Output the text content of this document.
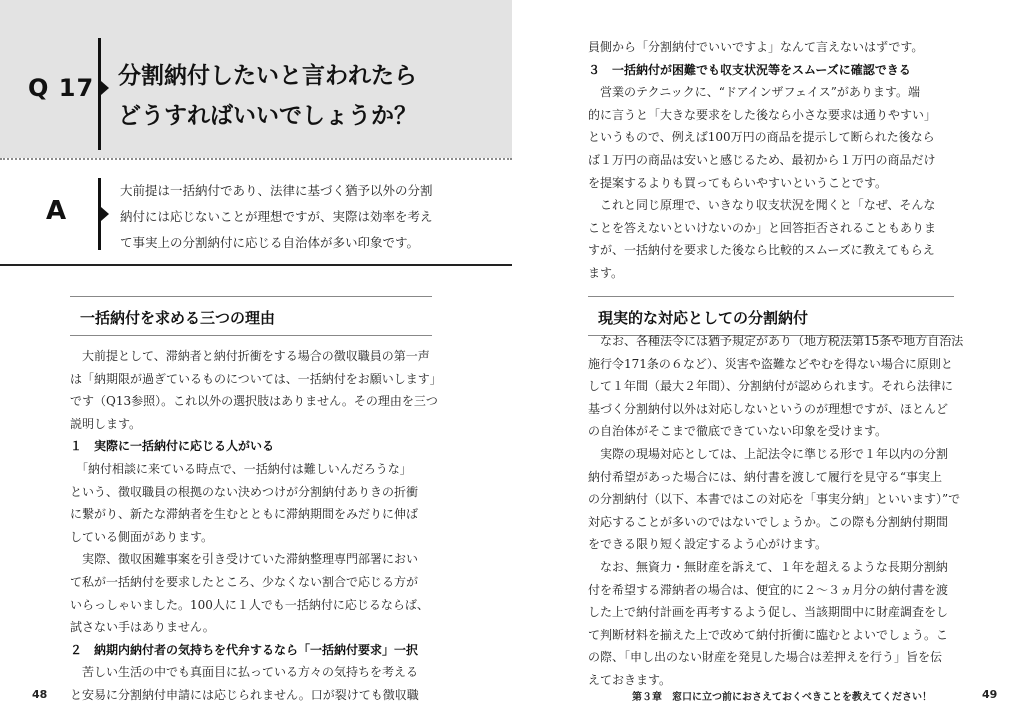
Q 17 分割納付したいと言われたら
どうすればいいでしょうか？
A
大前提は一括納付であり、法律に基づく猶予以外の分割
納付には応じないことが理想ですが、実際は効率を考え
て事実上の分割納付に応じる自治体が多い印象です。
一括納付を求める三つの理由
　大前提として、滞納者と納付折衝をする場合の徴収職員の第一声
は「納期限が過ぎているものについては、一括納付をお願いします」
です（Q13参照）。これ以外の選択肢はありません。その理由を三つ
説明します。
１　実際に一括納付に応じる人がいる
　「納付相談に来ている時点で、一括納付は難しいんだろうな」
という、徴収職員の根拠のない決めつけが分割納付ありきの折衝
に繋がり、新たな滞納者を生むとともに滞納期間をみだりに伸ば
している側面があります。
　実際、徴収困難事案を引き受けていた滞納整理専門部署におい
て私が一括納付を要求したところ、少なくない割合で応じる方が
いらっしゃいました。100人に１人でも一括納付に応じるならば、
試さない手はありません。
２　納期内納付者の気持ちを代弁するなら「一括納付要求」一択
　苦しい生活の中でも真面目に払っている方々の気持ちを考える
と安易に分割納付申請には応じられません。口が裂けても徴収職
48
員側から「分割納付でいいですよ」なんて言えないはずです。
３　一括納付が困難でも収支状況等をスムーズに確認できる
　営業のテクニックに、“ドアインザフェイス”があります。端
的に言うと「大きな要求をした後なら小さな要求は通りやすい」
というもので、例えば100万円の商品を提示して断られた後なら
ば１万円の商品は安いと感じるため、最初から１万円の商品だけ
を提案するよりも買ってもらいやすいということです。
　これと同じ原理で、いきなり収支状況を聞くと「なぜ、そんな
ことを答えないといけないのか」と回答拒否されることもありま
すが、一括納付を要求した後なら比較的スムーズに教えてもらえ
ます。
現実的な対応としての分割納付
　なお、各種法令には猶予規定があり（地方税法第15条や地方自治法
施行令171条の６など）、災害や盗難などやむを得ない場合に原則と
して１年間（最大２年間）、分割納付が認められます。それら法律に
基づく分割納付以外は対応しないというのが理想ですが、ほとんど
の自治体がそこまで徹底できていない印象を受けます。
　実際の現場対応としては、上記法令に準じる形で１年以内の分割
納付希望があった場合には、納付書を渡して履行を見守る“事実上
の分割納付（以下、本書ではこの対応を「事実分納」といいます）”で
対応することが多いのではないでしょうか。この際も分割納付期間
をできる限り短く設定するよう心がけます。
　なお、無資力・無財産を訴えて、１年を超えるような長期分割納
付を希望する滞納者の場合は、便宜的に２～３ヵ月分の納付書を渡
した上で納付計画を再考するよう促し、当該期間中に財産調査をし
て判断材料を揃えた上で改めて納付折衝に臨むとよいでしょう。こ
の際、「申し出のない財産を発見した場合は差押えを行う」旨を伝
えておきます。
第３章　窓口に立つ前におさえておくべきことを教えてください！	49
